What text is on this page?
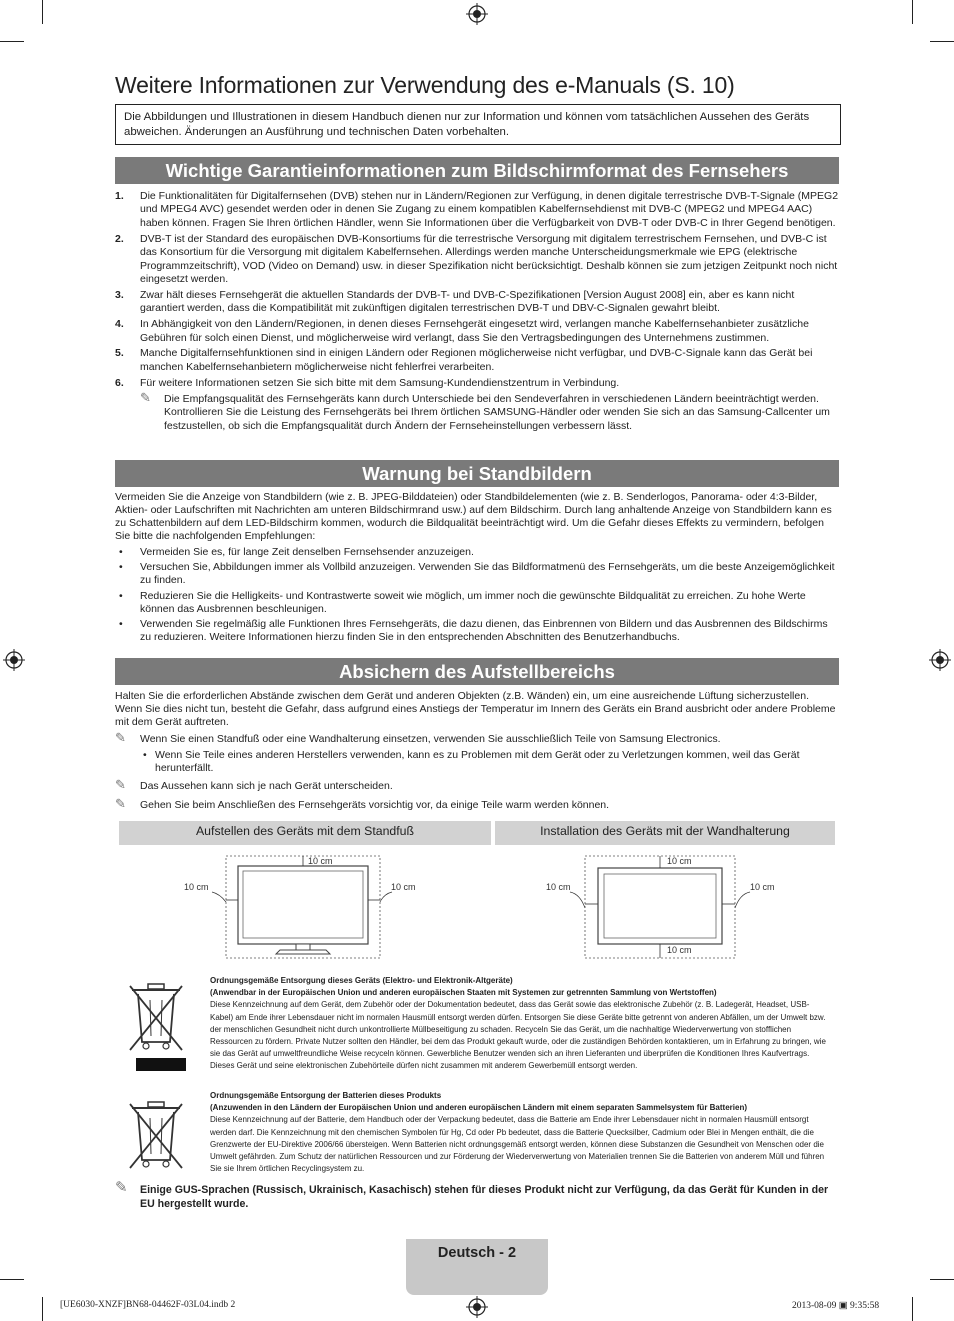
Weitere Informationen zur Verwendung des e-Manuals (S. 10)
Die Abbildungen und Illustrationen in diesem Handbuch dienen nur zur Information und können vom tatsächlichen Aussehen des Geräts abweichen. Änderungen an Ausführung und technischen Daten vorbehalten.
Wichtige Garantieinformationen zum Bildschirmformat des Fernsehers
1. Die Funktionalitäten für Digitalfernsehen (DVB) stehen nur in Ländern/Regionen zur Verfügung, in denen digitale terrestrische DVB-T-Signale (MPEG2 und MPEG4 AVC) gesendet werden oder in denen Sie Zugang zu einem kompatiblen Kabelfernsehdienst mit DVB-C (MPEG2 und MPEG4 AAC) haben können. Fragen Sie Ihren örtlichen Händler, wenn Sie Informationen über die Verfügbarkeit von DVB-T oder DVB-C in Ihrer Gegend benötigen.
2. DVB-T ist der Standard des europäischen DVB-Konsortiums für die terrestrische Versorgung mit digitalem terrestrischem Fernsehen, und DVB-C ist das Konsortium für die Versorgung mit digitalem Kabelfernsehen. Allerdings werden manche Unterscheidungsmerkmale wie EPG (elektrische Programmzeitschrift), VOD (Video on Demand) usw. in dieser Spezifikation nicht berücksichtigt. Deshalb können sie zum jetzigen Zeitpunkt noch nicht eingesetzt werden.
3. Zwar hält dieses Fernsehgerät die aktuellen Standards der DVB-T- und DVB-C-Spezifikationen [Version August 2008] ein, aber es kann nicht garantiert werden, dass die Kompatibilität mit zukünftigen digitalen terrestrischen DVB-T und DBV-C-Signalen gewahrt bleibt.
4. In Abhängigkeit von den Ländern/Regionen, in denen dieses Fernsehgerät eingesetzt wird, verlangen manche Kabelfernsehanbieter zusätzliche Gebühren für solch einen Dienst, und möglicherweise wird verlangt, dass Sie den Vertragsbedingungen des Unternehmens zustimmen.
5. Manche Digitalfernsehfunktionen sind in einigen Ländern oder Regionen möglicherweise nicht verfügbar, und DVB-C-Signale kann das Gerät bei manchen Kabelfernsehanbietern möglicherweise nicht fehlerfrei verarbeiten.
6. Für weitere Informationen setzen Sie sich bitte mit dem Samsung-Kundendienstzentrum in Verbindung.
✎	Die Empfangsqualität des Fernsehgeräts kann durch Unterschiede bei den Sendeverfahren in verschiedenen Ländern beeinträchtigt werden. Kontrollieren Sie die Leistung des Fernsehgeräts bei Ihrem örtlichen SAMSUNG-Händler oder wenden Sie sich an das Samsung-Callcenter um festzustellen, ob sich die Empfangsqualität durch Ändern der Fernseheinstellungen verbessern lässt.
Warnung bei Standbildern
Vermeiden Sie die Anzeige von Standbildern (wie z. B. JPEG-Bilddateien) oder Standbildelementen (wie z. B. Senderlogos, Panorama- oder 4:3-Bilder, Aktien- oder Laufschriften mit Nachrichten am unteren Bildschirmrand usw.) auf dem Bildschirm. Durch lang anhaltende Anzeige von Standbildern kann es zu Schattenbildern auf dem LED-Bildschirm kommen, wodurch die Bildqualität beeinträchtigt wird. Um die Gefahr dieses Effekts zu vermindern, befolgen Sie bitte die nachfolgenden Empfehlungen:
• Vermeiden Sie es, für lange Zeit denselben Fernsehsender anzuzeigen.
• Versuchen Sie, Abbildungen immer als Vollbild anzuzeigen. Verwenden Sie das Bildformatmenü des Fernsehgeräts, um die beste Anzeigemöglichkeit zu finden.
• Reduzieren Sie die Helligkeits- und Kontrastwerte soweit wie möglich, um immer noch die gewünschte Bildqualität zu erreichen. Zu hohe Werte können das Ausbrennen beschleunigen.
• Verwenden Sie regelmäßig alle Funktionen Ihres Fernsehgeräts, die dazu dienen, das Einbrennen von Bildern und das Ausbrennen des Bildschirms zu reduzieren. Weitere Informationen hierzu finden Sie in den entsprechenden Abschnitten des Benutzerhandbuchs.
Absichern des Aufstellbereichs
Halten Sie die erforderlichen Abstände zwischen dem Gerät und anderen Objekten (z.B. Wänden) ein, um eine ausreichende Lüftung sicherzustellen. Wenn Sie dies nicht tun, besteht die Gefahr, dass aufgrund eines Anstiegs der Temperatur im Innern des Geräts ein Brand ausbricht oder andere Probleme mit dem Gerät auftreten.
✎	Wenn Sie einen Standfuß oder eine Wandhalterung einsetzen, verwenden Sie ausschließlich Teile von Samsung Electronics.
• Wenn Sie Teile eines anderen Herstellers verwenden, kann es zu Problemen mit dem Gerät oder zu Verletzungen kommen, weil das Gerät herunterfällt.
✎	Das Aussehen kann sich je nach Gerät unterscheiden.
✎	Gehen Sie beim Anschließen des Fernsehgeräts vorsichtig vor, da einige Teile warm werden können.
Aufstellen des Geräts mit dem Standfuß	Installation des Geräts mit der Wandhalterung
10 cm
10 cm	10 cm
10 cm
10 cm	10 cm
10 cm
Ordnungsgemäße Entsorgung dieses Geräts (Elektro- und Elektronik-Altgeräte)
(Anwendbar in der Europäischen Union und anderen europäischen Staaten mit Systemen zur getrennten Sammlung von Wertstoffen)
Diese Kennzeichnung auf dem Gerät, dem Zubehör oder der Dokumentation bedeutet, dass das Gerät sowie das elektronische Zubehör (z. B. Ladegerät, Headset, USB-Kabel) am Ende ihrer Lebensdauer nicht im normalen Hausmüll entsorgt werden dürfen. Entsorgen Sie diese Geräte bitte getrennt von anderen Abfällen, um der Umwelt bzw. der menschlichen Gesundheit nicht durch unkontrollierte Müllbeseitigung zu schaden. Recyceln Sie das Gerät, um die nachhaltige Wiederverwertung von stofflichen Ressourcen zu fördern. Private Nutzer sollten den Händler, bei dem das Produkt gekauft wurde, oder die zuständigen Behörden kontaktieren, um in Erfahrung zu bringen, wie sie das Gerät auf umweltfreundliche Weise recyceln können. Gewerbliche Benutzer wenden sich an ihren Lieferanten und überprüfen die Konditionen Ihres Kaufvertrags. Dieses Gerät und seine elektronischen Zubehörteile dürfen nicht zusammen mit anderem Gewerbemüll entsorgt werden.
Ordnungsgemäße Entsorgung der Batterien dieses Produkts
(Anzuwenden in den Ländern der Europäischen Union und anderen europäischen Ländern mit einem separaten Sammelsystem für Batterien)
Diese Kennzeichnung auf der Batterie, dem Handbuch oder der Verpackung bedeutet, dass die Batterie am Ende ihrer Lebensdauer nicht in normalen Hausmüll entsorgt werden darf. Die Kennzeichnung mit den chemischen Symbolen für Hg, Cd oder Pb bedeutet, dass die Batterie Quecksilber, Cadmium oder Blei in Mengen enthält, die die Grenzwerte der EU-Direktive 2006/66 übersteigen. Wenn Batterien nicht ordnungsgemäß entsorgt werden, können diese Substanzen die Gesundheit von Menschen oder die Umwelt gefährden. Zum Schutz der natürlichen Ressourcen und zur Förderung der Wiederverwertung von Materialien trennen Sie die Batterien von anderem Müll und führen Sie sie Ihrem örtlichen Recyclingsystem zu.
✎	Einige GUS-Sprachen (Russisch, Ukrainisch, Kasachisch) stehen für dieses Produkt nicht zur Verfügung, da das Gerät für Kunden in der EU hergestellt wurde.
Deutsch - 2
[UE6030-XNZF]BN68-04462F-03L04.indb 2	2013-08-09 ▣ 9:35:58
